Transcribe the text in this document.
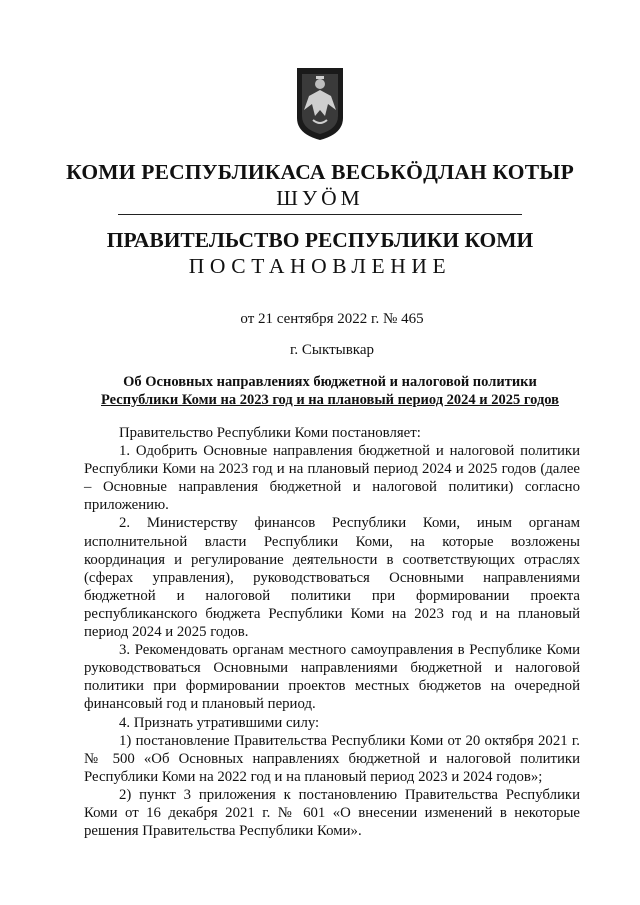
КОМИ РЕСПУБЛИКАСА ВЕСЬКӦДЛАН КОТЫР
ШУӦМ
ПРАВИТЕЛЬСТВО РЕСПУБЛИКИ КОМИ
ПОСТАНОВЛЕНИЕ
от 21 сентября 2022 г. № 465
г. Сыктывкар
Об Основных направлениях бюджетной и налоговой политики
Республики Коми на 2023 год и на плановый период 2024 и 2025 годов

Правительство Республики Коми постановляет:

1. Одобрить Основные направления бюджетной и налоговой политики Республики Коми на 2023 год и на плановый период 2024 и 2025 годов (далее – Основные направления бюджетной и налоговой политики) согласно приложению.

2. Министерству финансов Республики Коми, иным органам исполнительной власти Республики Коми, на которые возложены координация и регулирование деятельности в соответствующих отраслях (сферах управления), руководствоваться Основными направлениями бюджетной и налоговой политики при формировании проекта республиканского бюджета Республики Коми на 2023 год и на плановый период 2024 и 2025 годов.

3. Рекомендовать органам местного самоуправления в Республике Коми руководствоваться Основными направлениями бюджетной и налоговой политики при формировании проектов местных бюджетов на очередной финансовый год и плановый период.

4. Признать утратившими силу:

1) постановление Правительства Республики Коми от 20 октября 2021 г. № 500 «Об Основных направлениях бюджетной и налоговой политики Республики Коми на 2022 год и на плановый период 2023 и 2024 годов»;

2) пункт 3 приложения к постановлению Правительства Республики Коми от 16 декабря 2021 г. № 601 «О внесении изменений в некоторые решения Правительства Республики Коми».
